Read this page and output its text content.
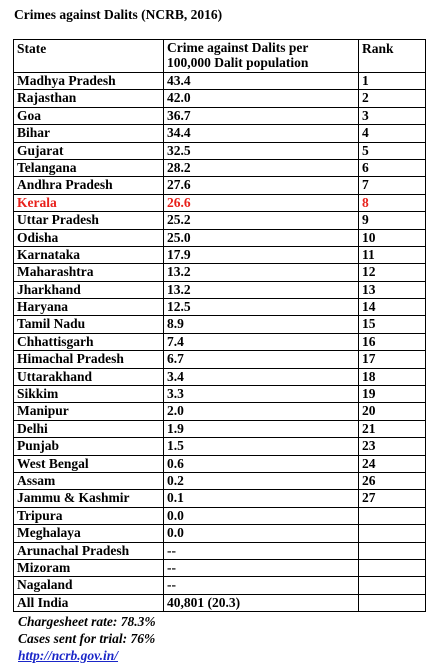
Crimes against Dalits (NCRB, 2016)
State	Crime against Dalits per 100,000 Dalit population	Rank
Madhya Pradesh	43.4	1
Rajasthan	42.0	2
Goa	36.7	3
Bihar	34.4	4
Gujarat	32.5	5
Telangana	28.2	6
Andhra Pradesh	27.6	7
Kerala	26.6	8
Uttar Pradesh	25.2	9
Odisha	25.0	10
Karnataka	17.9	11
Maharashtra	13.2	12
Jharkhand	13.2	13
Haryana	12.5	14
Tamil Nadu	8.9	15
Chhattisgarh	7.4	16
Himachal Pradesh	6.7	17
Uttarakhand	3.4	18
Sikkim	3.3	19
Manipur	2.0	20
Delhi	1.9	21
Punjab	1.5	23
West Bengal	0.6	24
Assam	0.2	26
Jammu & Kashmir	0.1	27
Tripura	0.0	
Meghalaya	0.0	
Arunachal Pradesh	--	
Mizoram	--	
Nagaland	--	
All India	40,801 (20.3)	
Chargesheet rate: 78.3%
Cases sent for trial: 76%
http://ncrb.gov.in/
